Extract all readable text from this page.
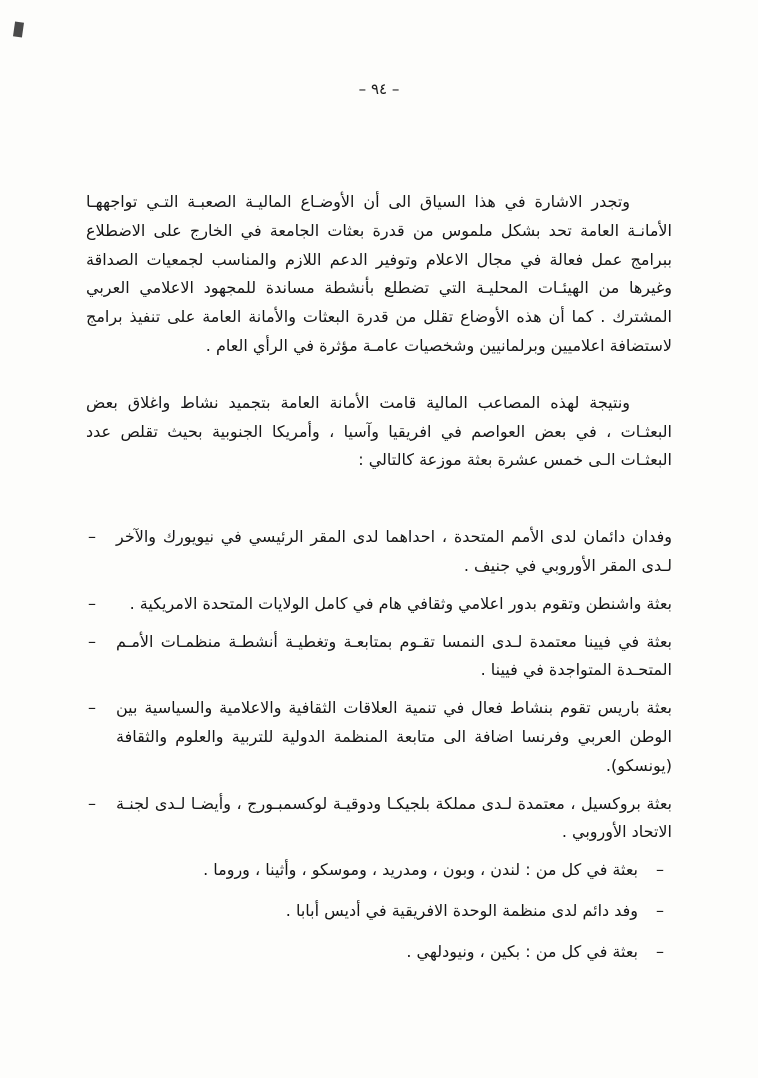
– ٩٤ –

وتجدر الاشارة في هذا السياق الى أن الأوضـاع الماليـة الصعبـة التـي تواجههـا الأمانـة العامة تحد بشكل ملموس من قدرة بعثات الجامعة في الخارج على الاضطلاع ببرامج عمل فعالة في مجال الاعلام وتوفير الدعم اللازم والمناسب لجمعيات الصداقة وغيرها من الهيئـات المحليـة التي تضطلع بأنشطة مساندة للمجهود الاعلامي العربي المشترك . كما أن هذه الأوضاع تقلل من قدرة البعثات والأمانة العامة على تنفيذ برامج لاستضافة اعلاميين وبرلمانيين وشخصيات عامـة مؤثرة في الرأي العام .

ونتيجة لهذه المصاعب المالية قامت الأمانة العامة بتجميد نشاط واغلاق بعض البعثـات ، في بعض العواصم في افريقيا وآسيا ، وأمريكا الجنوبية بحيث تقلص عدد البعثـات الـى خمس عشرة بعثة موزعة كالتالي :

– وفدان دائمان لدى الأمم المتحدة ، احداهما لدى المقر الرئيسي في نيويورك والآخر لـدى المقر الأوروبي في جنيف .
– بعثة واشنطن وتقوم بدور اعلامي وثقافي هام في كامل الولايات المتحدة الامريكية .
– بعثة في فيينا معتمدة لـدى النمسا تقـوم بمتابعـة وتغطيـة أنشطـة منظمـات الأمـم المتحـدة المتواجدة في فيينا .
– بعثة باريس تقوم بنشاط فعال في تنمية العلاقات الثقافية والاعلامية والسياسية بين الوطن العربي وفرنسا اضافة الى متابعة المنظمة الدولية للتربية والعلوم والثقافة (يونسكو).
– بعثة بروكسيل ، معتمدة لـدى مملكة بلجيكـا ودوقيـة لوكسمبـورج ، وأيضـا لـدى لجنـة الاتحاد الأوروبي .
–
بعثة في كل من : لندن ، وبون ، ومدريد ، وموسكو ، وأثينا ، وروما .
–
وفد دائم لدى منظمة الوحدة الافريقية في أديس أبابا .
–
بعثة في كل من : بكين ، ونيودلهي .
